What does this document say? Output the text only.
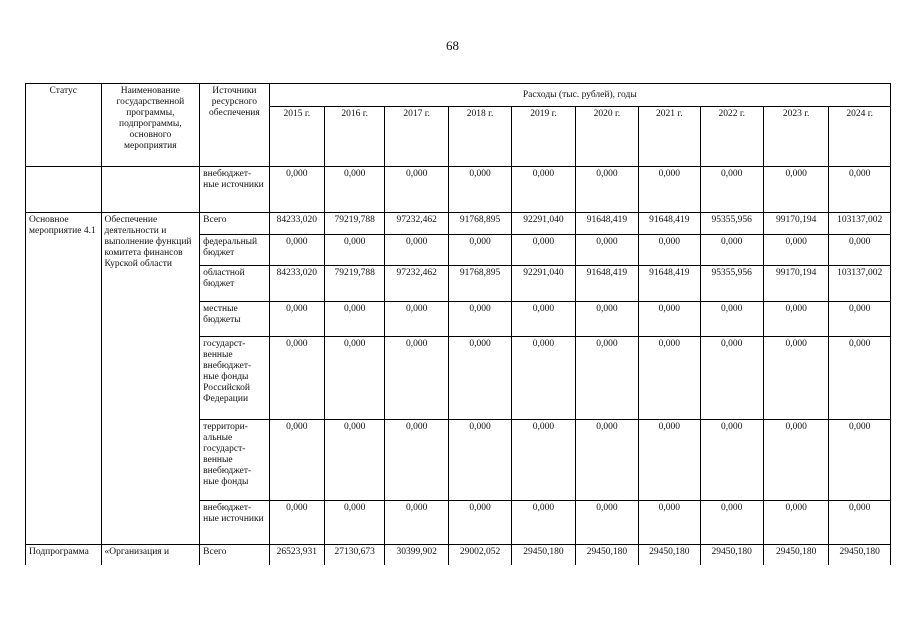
68
Статус	Наименование государственной программы, подпрограммы, основного мероприятия	Источники ресурсного обеспечения	Расходы (тыс. рублей), годы									
			2015 г.	2016 г.	2017 г.	2018 г.	2019 г.	2020 г.	2021 г.	2022 г.	2023 г.	2024 г.
		внебюджет-ные источники	0,000	0,000	0,000	0,000	0,000	0,000	0,000	0,000	0,000	0,000
Основное мероприятие 4.1	Обеспечение деятельности и выполнение функций комитета финансов Курской области	Всего	84233,020	79219,788	97232,462	91768,895	92291,040	91648,419	91648,419	95355,956	99170,194	103137,002
		федеральный бюджет	0,000	0,000	0,000	0,000	0,000	0,000	0,000	0,000	0,000	0,000
		областной бюджет	84233,020	79219,788	97232,462	91768,895	92291,040	91648,419	91648,419	95355,956	99170,194	103137,002
		местные бюджеты	0,000	0,000	0,000	0,000	0,000	0,000	0,000	0,000	0,000	0,000
		государст-венные внебюджет-ные фонды Российской Федерации	0,000	0,000	0,000	0,000	0,000	0,000	0,000	0,000	0,000	0,000
		территори-альные государст-венные внебюджет-ные фонды	0,000	0,000	0,000	0,000	0,000	0,000	0,000	0,000	0,000	0,000
		внебюджет-ные источники	0,000	0,000	0,000	0,000	0,000	0,000	0,000	0,000	0,000	0,000
Подпрограмма	«Организация и	Всего	26523,931	27130,673	30399,902	29002,052	29450,180	29450,180	29450,180	29450,180	29450,180	29450,180
